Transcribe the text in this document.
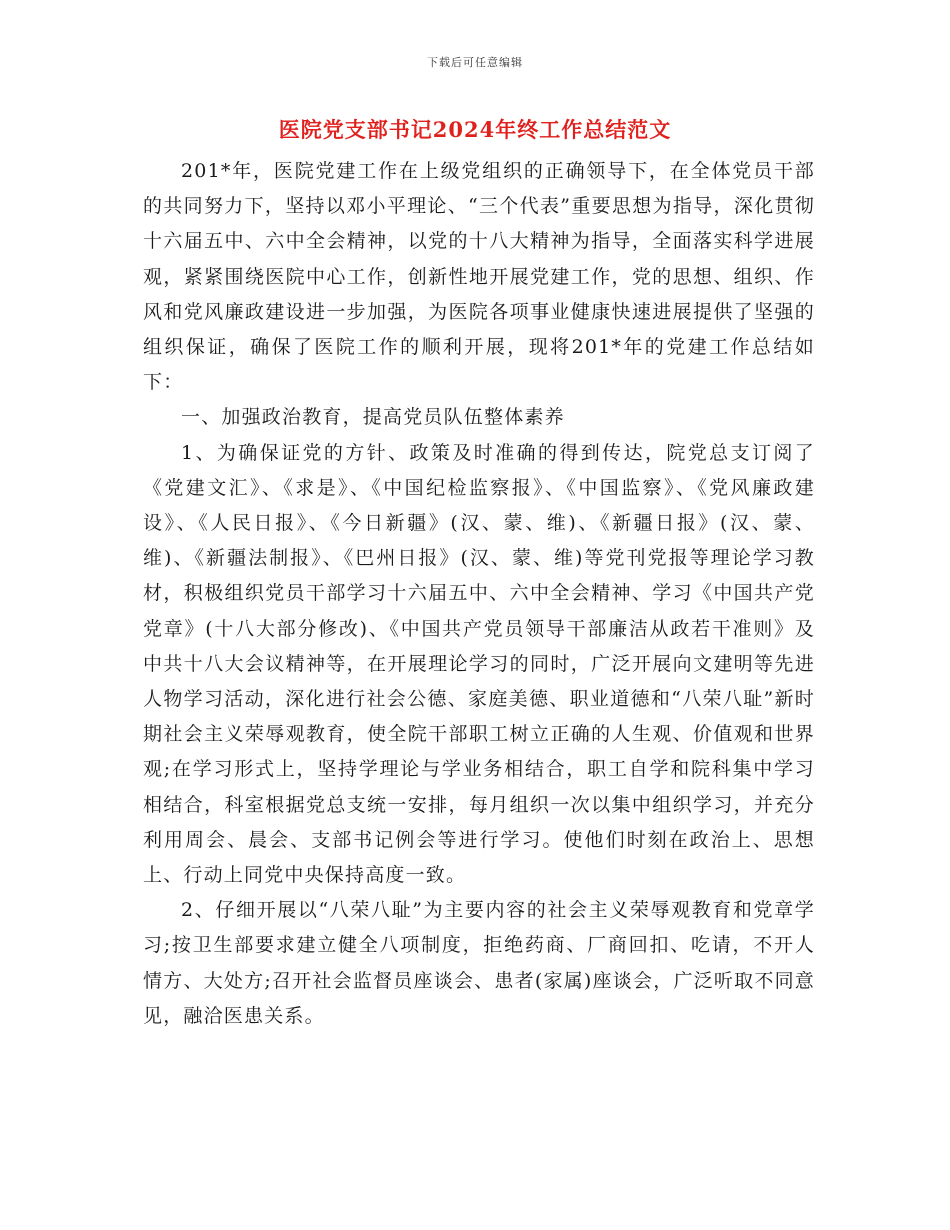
下载后可任意编辑
医院党支部书记2024年终工作总结范文

201*年，医院党建工作在上级党组织的正确领导下，在全体党员干部的共同努力下，坚持以邓小平理论、“三个代表”重要思想为指导，深化贯彻十六届五中、六中全会精神，以党的十八大精神为指导，全面落实科学进展观，紧紧围绕医院中心工作，创新性地开展党建工作，党的思想、组织、作风和党风廉政建设进一步加强，为医院各项事业健康快速进展提供了坚强的组织保证，确保了医院工作的顺利开展，现将201*年的党建工作总结如下：

一、加强政治教育，提高党员队伍整体素养

1、为确保证党的方针、政策及时准确的得到传达，院党总支订阅了《党建文汇》、《求是》、《中国纪检监察报》、《中国监察》、《党风廉政建设》、《人民日报》、《今日新疆》(汉、蒙、维)、《新疆日报》(汉、蒙、维)、《新疆法制报》、《巴州日报》(汉、蒙、维)等党刊党报等理论学习教材，积极组织党员干部学习十六届五中、六中全会精神、学习《中国共产党党章》(十八大部分修改)、《中国共产党员领导干部廉洁从政若干准则》及中共十八大会议精神等，在开展理论学习的同时，广泛开展向文建明等先进人物学习活动，深化进行社会公德、家庭美德、职业道德和“八荣八耻”新时期社会主义荣辱观教育，使全院干部职工树立正确的人生观、价值观和世界观;在学习形式上，坚持学理论与学业务相结合，职工自学和院科集中学习相结合，科室根据党总支统一安排，每月组织一次以集中组织学习，并充分利用周会、晨会、支部书记例会等进行学习。使他们时刻在政治上、思想上、行动上同党中央保持高度一致。

2、仔细开展以“八荣八耻”为主要内容的社会主义荣辱观教育和党章学习;按卫生部要求建立健全八项制度，拒绝药商、厂商回扣、吃请，不开人情方、大处方;召开社会监督员座谈会、患者(家属)座谈会，广泛听取不同意见，融洽医患关系。
